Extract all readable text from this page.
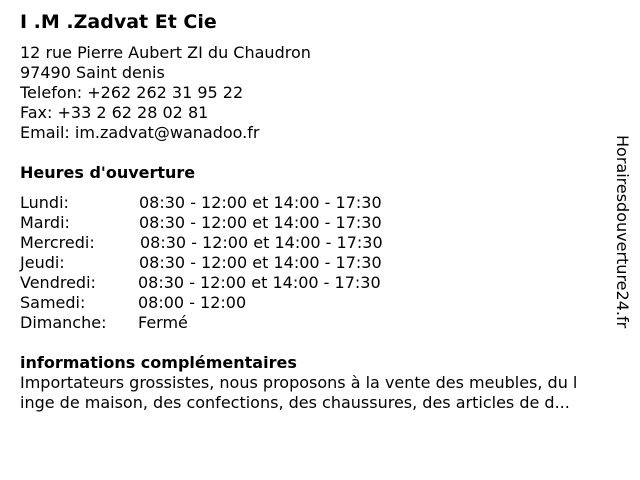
I .M .Zadvat Et Cie
12 rue Pierre Aubert ZI du Chaudron
97490 Saint denis
Telefon: +262 262 31 95 22
Fax: +33 2 62 28 02 81
Email: im.zadvat@wanadoo.fr
Heures d'ouverture
Lundi:	08:30 - 12:00 et 14:00 - 17:30
Mardi:	08:30 - 12:00 et 14:00 - 17:30
Mercredi:	08:30 - 12:00 et 14:00 - 17:30
Jeudi:	08:30 - 12:00 et 14:00 - 17:30
Vendredi:	08:30 - 12:00 et 14:00 - 17:30
Samedi:	08:00 - 12:00
Dimanche: Fermé
informations complémentaires
Importateurs grossistes, nous proposons à la vente des meubles, du l
inge de maison, des confections, des chaussures, des articles de d...
Horairesdouverture24.fr
